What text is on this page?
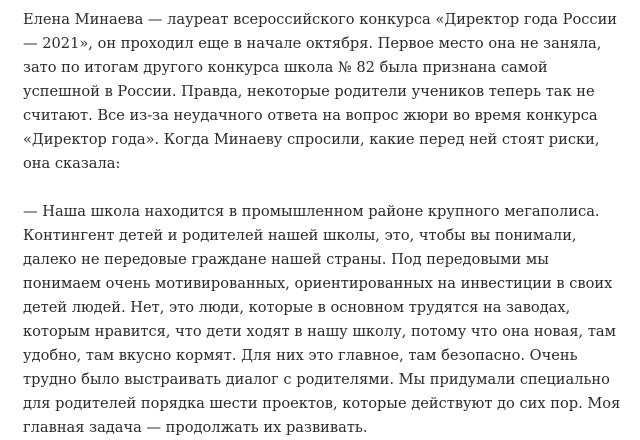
Елена Минаева — лауреат всероссийского конкурса «Директор года России — 2021», он проходил еще в начале октября. Первое место она не заняла, зато по итогам другого конкурса школа № 82 была признана самой успешной в России. Правда, некоторые родители учеников теперь так не считают. Все из-за неудачного ответа на вопрос жюри во время конкурса «Директор года». Когда Минаеву спросили, какие перед ней стоят риски, она сказала:

— Наша школа находится в промышленном районе крупного мегаполиса. Контингент детей и родителей нашей школы, это, чтобы вы понимали, далеко не передовые граждане нашей страны. Под передовыми мы понимаем очень мотивированных, ориентированных на инвестиции в своих детей людей. Нет, это люди, которые в основном трудятся на заводах, которым нравится, что дети ходят в нашу школу, потому что она новая, там удобно, там вкусно кормят. Для них это главное, там безопасно. Очень трудно было выстраивать диалог с родителями. Мы придумали специально для родителей порядка шести проектов, которые действуют до сих пор. Моя главная задача — продолжать их развивать.
